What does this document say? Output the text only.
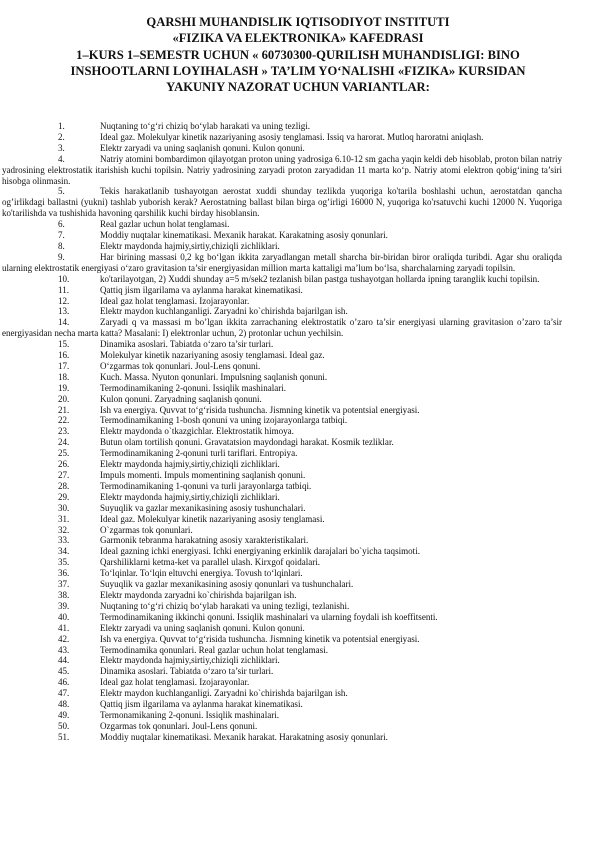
QARSHI MUHANDISLIK IQTISODIYOT INSTITUTI
«FIZIKA VA ELEKTRONIKA» KAFEDRASI
1–KURS 1–SEMESTR UCHUN « 60730300-QURILISH MUHANDISLIGI: BINO
INSHOOTLARNI LOYIHALASH » TA’LIM YO‘NALISHI «FIZIKA» KURSIDAN
YAKUNIY NAZORAT UCHUN VARIANTLAR:
1.	Nuqtaning to‘g‘ri chiziq bo‘ylab harakati va uning tezligi.
2.	Ideal gaz. Molekulyar kinetik nazariyaning asosiy tenglamasi. Issiq va harorat. Mutloq haroratni aniqlash.
3.	Elektr zaryadi va uning saqlanish qonuni. Kulon qonuni.
4.	Natriy atomini bombardimon qilayotgan proton uning yadrosiga 6.10-12 sm gacha yaqin keldi deb hisoblab, proton bilan natriy yadrosining elektrostatik itarishish kuchi topilsin. Natriy yadrosining zaryadi proton zaryadidan 11 marta ko‘p. Natriy atomi elektron qobig‘ining ta’siri hisobga olinmasin.
5.	Tekis harakatlanib tushayotgan aerostat xuddi shunday tezlikda yuqoriga ko'tarila boshlashi uchun, aerostatdan qancha og’irlikdagi ballastni (yukni) tashlab yuborish kerak? Aerostatning ballast bilan birga og’irligi 16000 N, yuqoriga ko'rsatuvchi kuchi 12000 N. Yuqoriga ko'tarilishda va tushishida havoning qarshilik kuchi birday hisoblansin.
6.	Real gazlar uchun holat tenglamasi.
7.	Moddiy nuqtalar kinematikasi. Mexanik harakat. Karakatning asosiy qonunlari.
8.	Elektr maydonda hajmiy,sirtiy,chiziqli zichliklari.
9.	Har birining massasi 0,2 kg bo‘lgan ikkita zaryadlangan metall sharcha bir-biridan biror oraliqda turibdi. Agar shu oraliqda ularning elektrostatik energiyasi o‘zaro gravitasion ta’sir energiyasidan million marta kattaligi ma’lum bo‘lsa, sharchalarning zaryadi topilsin.
10.	ko'tarilayotgan, 2) Xuddi shunday a=5 m/sek2 tezlanish bilan pastga tushayotgan hollarda ipning taranglik kuchi topilsin.
11.	Qattiq jism ilgarilama va aylanma harakat kinematikasi.
12.	Ideal gaz holat tenglamasi. Izojarayonlar.
13.	Elektr maydon kuchlanganligi. Zaryadni ko`chirishda bajarilgan ish.
14.	Zaryadi q va massasi m bo’lgan ikkita zarrachaning elektrostatik o’zaro ta’sir energiyasi ularning gravitasion o’zaro ta’sir energiyasidan necha marta katta? Masalani: I) elektronlar uchun, 2) protonlar uchun yechilsin.
15.	Dinamika asoslari. Tabiatda o‘zaro ta’sir turlari.
16.	Molekulyar kinetik nazariyaning asosiy tenglamasi. Ideal gaz.
17.	O‘zgarmas tok qonunlari. Joul-Lens qonuni.
18.	Kuch. Massa. Nyuton qonunlari. Impulsning saqlanish qonuni.
19.	Termodinamikaning 2-qonuni. Issiqlik mashinalari.
20.	Kulon qonuni. Zaryadning saqlanish qonuni.
21.	Ish va energiya. Quvvat to‘g‘risida tushuncha. Jismning kinetik va potentsial energiyasi.
22.	Termodinamikaning 1-bosh qonuni va uning izojarayonlarga tatbiqi.
23.	Elektr maydonda o`tkazgichlar. Elektrostatik himoya.
24.	Butun olam tortilish qonuni. Gravatatsion maydondagi harakat. Kosmik tezliklar.
25.	Termodinamikaning 2-qonuni turli tariflari. Entropiya.
26.	Elektr maydonda hajmiy,sirtiy,chiziqli zichliklari.
27.	Impuls momenti. Impuls momentining saqlanish qonuni.
28.	Termodinamikaning 1-qonuni va turli jarayonlarga tatbiqi.
29.	Elektr maydonda hajmiy,sirtiy,chiziqli zichliklari.
30.	Suyuqlik va gazlar mexanikasining asosiy tushunchalari.
31.	Ideal gaz. Molekulyar kinetik nazariyaning asosiy tenglamasi.
32.	O`zgarmas tok qonunlari.
33.	Garmonik tebranma harakatning asosiy xarakteristikalari.
34.	Ideal gazning ichki energiyasi. Ichki energiyaning erkinlik darajalari bo`yicha taqsimoti.
35.	Qarshiliklarni ketma-ket va parallel ulash. Kirxgof qoidalari.
36.	To‘lqinlar. To‘lqin eltuvchi energiya. Tovush to‘lqinlari.
37.	Suyuqlik va gazlar mexanikasining asosiy qonunlari va tushunchalari.
38.	Elektr maydonda zaryadni ko`chirishda bajarilgan ish.
39.	Nuqtaning to‘g‘ri chiziq bo‘ylab harakati va uning tezligi, tezlanishi.
40.	Termodinamikaning ikkinchi qonuni. Issiqlik mashinalari va ularning foydali ish koeffitsenti.
41.	Elektr zaryadi va uning saqlanish qonuni. Kulon qonuni.
42.	Ish va energiya. Quvvat to‘g‘risida tushuncha. Jismning kinetik va potentsial energiyasi.
43.	Termodinamika qonunlari. Real gazlar uchun holat tenglamasi.
44.	Elektr maydonda hajmiy,sirtiy,chiziqli zichliklari.
45.	Dinamika asoslari. Tabiatda o‘zaro ta’sir turlari.
46.	Ideal gaz holat tenglamasi. Izojarayonlar.
47.	Elektr maydon kuchlanganligi. Zaryadni ko`chirishda bajarilgan ish.
48.	Qattiq jism ilgarilama va aylanma harakat kinematikasi.
49.	Termonamikaning 2-qonuni. Issiqlik mashinalari.
50.	Ozgarmas tok qonunlari. Joul-Lens qonuni.
51.	Moddiy nuqtalar kinematikasi. Mexanik harakat. Harakatning asosiy qonunlari.
